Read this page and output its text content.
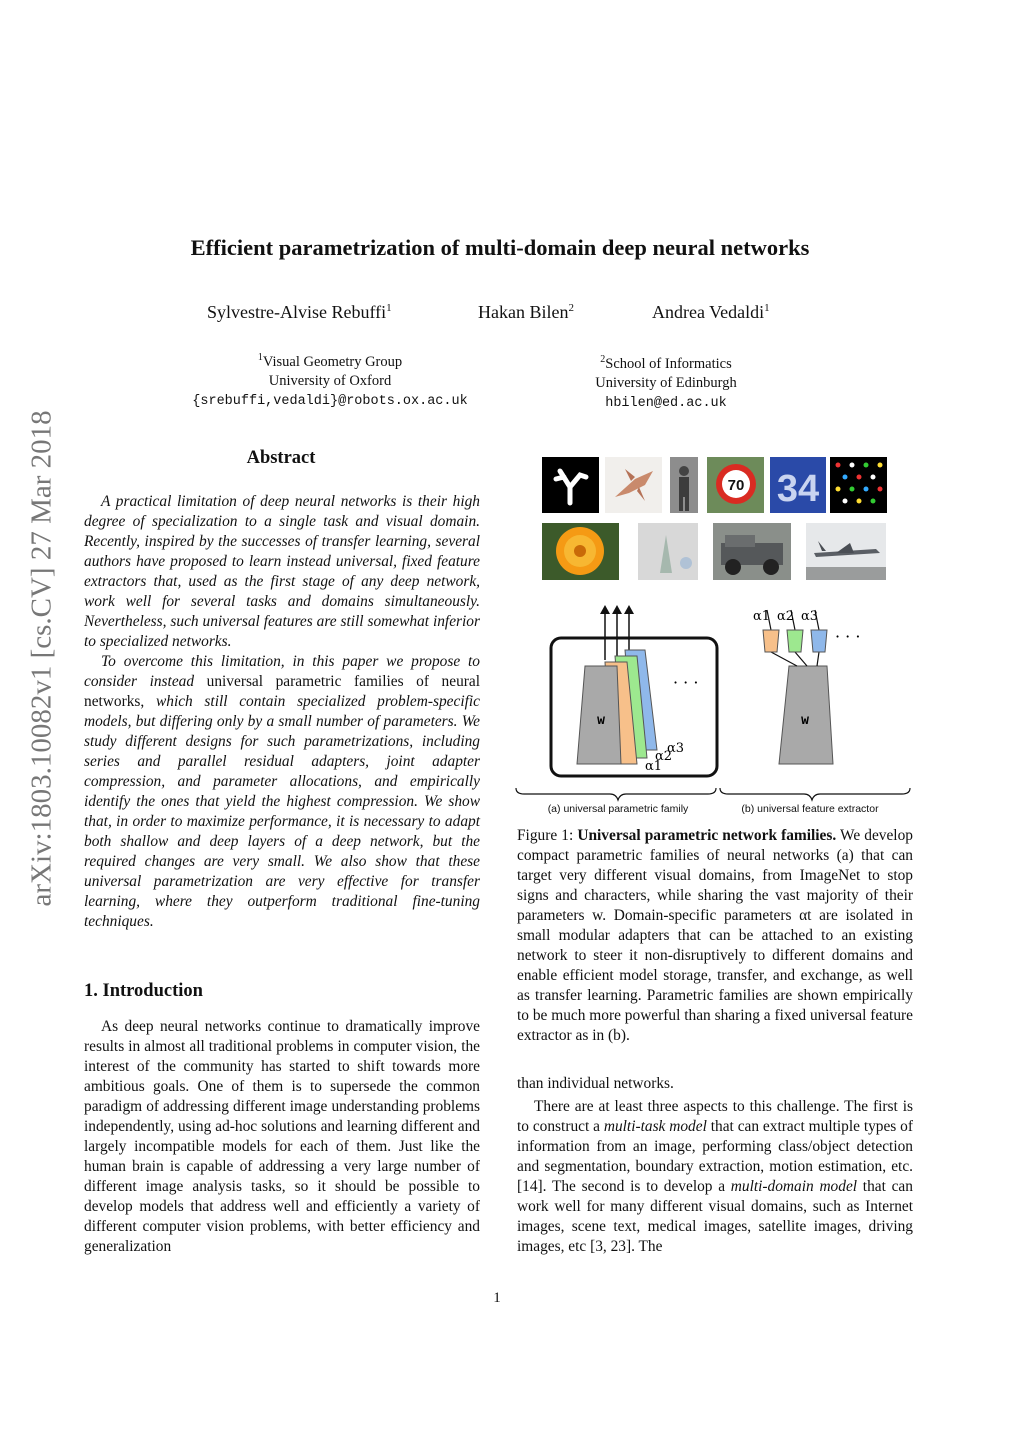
arXiv:1803.10082v1 [cs.CV] 27 Mar 2018
Efficient parametrization of multi-domain deep neural networks
Sylvestre-Alvise Rebuffi$^1$	Hakan Bilen$^2$	Andrea Vedaldi$^1$
$^1$Visual Geometry Group
University of Oxford
{srebuffi,vedaldi}@robots.ox.ac.uk
$^2$School of Informatics
University of Edinburgh
hbilen@ed.ac.uk
Abstract

A practical limitation of deep neural networks is their high degree of specialization to a single task and visual domain. Recently, inspired by the successes of transfer learning, several authors have proposed to learn instead universal, fixed feature extractors that, used as the first stage of any deep network, work well for several tasks and domains simultaneously. Nevertheless, such universal features are still somewhat inferior to specialized networks.

To overcome this limitation, in this paper we propose to consider instead universal parametric families of neural networks, which still contain specialized problem-specific models, but differing only by a small number of parameters. We study different designs for such parametrizations, including series and parallel residual adapters, joint adapter compression, and parameter allocations, and empirically identify the ones that yield the highest compression. We show that, in order to maximize performance, it is necessary to adapt both shallow and deep layers of a deep network, but the required changes are very small. We also show that these universal parametrization are very effective for transfer learning, where they outperform traditional fine-tuning techniques.

1. Introduction

As deep neural networks continue to dramatically improve results in almost all traditional problems in computer vision, the interest of the community has started to shift towards more ambitious goals. One of them is to supersede the common paradigm of addressing different image understanding problems independently, using ad-hoc solutions and learning different and largely incompatible models for each of them. Just like the human brain is capable of addressing a very large number of different image analysis tasks, so it should be possible to develop models that address well and efficiently a variety of different computer vision problems, with better efficiency and generalization

than individual networks.

There are at least three aspects to this challenge. The first is to construct a multi-task model that can extract multiple types of information from an image, performing class/object detection and segmentation, boundary extraction, motion estimation, etc. [14]. The second is to develop a multi-domain model that can work well for many different visual domains, such as Internet images, scene text, medical images, satellite images, driving images, etc [3, 23]. The

70 34
w
· · ·
α1
α2
α3
w
α1 α2 α3
· · ·
(a) universal parametric family	(b) universal feature extractor
Figure 1: Universal parametric network families. We develop compact parametric families of neural networks (a) that can target very different visual domains, from ImageNet to stop signs and characters, while sharing the vast majority of their parameters w. Domain-specific parameters αt are isolated in small modular adapters that can be attached to an existing network to steer it non-disruptively to different domains and enable efficient model storage, transfer, and exchange, as well as transfer learning. Parametric families are shown empirically to be much more powerful than sharing a fixed universal feature extractor as in (b).
1
